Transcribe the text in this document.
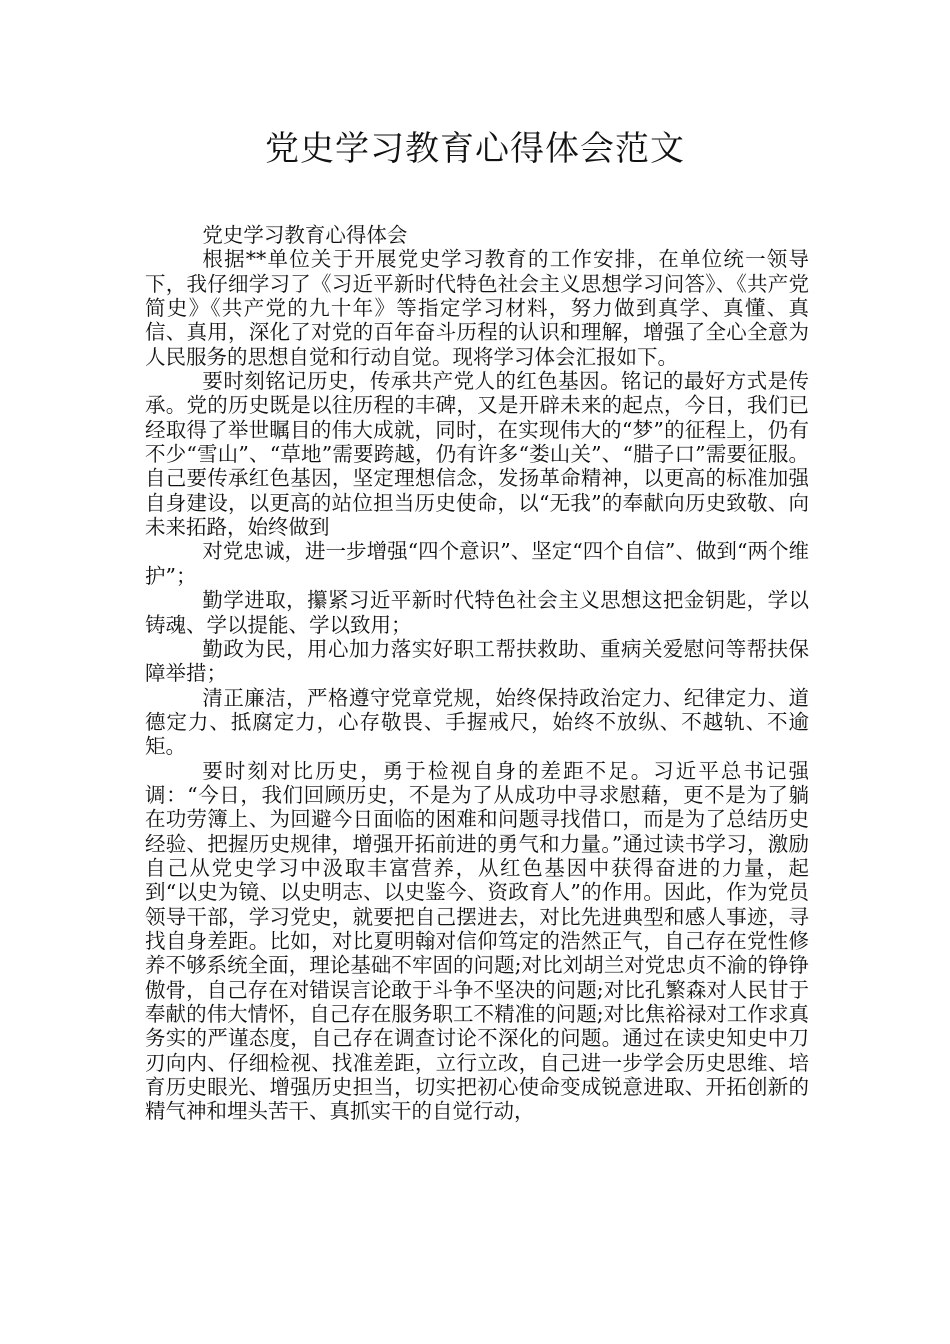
党史学习教育心得体会范文

党史学习教育心得体会

根据**单位关于开展党史学习教育的工作安排，在单位统一领导下，我仔细学习了《习近平新时代特色社会主义思想学习问答》、《共产党简史》《共产党的九十年》等指定学习材料，努力做到真学、真懂、真信、真用，深化了对党的百年奋斗历程的认识和理解，增强了全心全意为人民服务的思想自觉和行动自觉。现将学习体会汇报如下。

要时刻铭记历史，传承共产党人的红色基因。铭记的最好方式是传承。党的历史既是以往历程的丰碑，又是开辟未来的起点，今日，我们已经取得了举世瞩目的伟大成就，同时，在实现伟大的“梦”的征程上，仍有不少“雪山”、“草地”需要跨越，仍有许多“娄山关”、“腊子口”需要征服。自己要传承红色基因，坚定理想信念，发扬革命精神，以更高的标准加强自身建设，以更高的站位担当历史使命，以“无我”的奉献向历史致敬、向未来拓路，始终做到

对党忠诚，进一步增强“四个意识”、坚定“四个自信”、做到“两个维护”；

勤学进取，攥紧习近平新时代特色社会主义思想这把金钥匙，学以铸魂、学以提能、学以致用；

勤政为民，用心加力落实好职工帮扶救助、重病关爱慰问等帮扶保障举措；

清正廉洁，严格遵守党章党规，始终保持政治定力、纪律定力、道德定力、抵腐定力，心存敬畏、手握戒尺，始终不放纵、不越轨、不逾矩。

要时刻对比历史，勇于检视自身的差距不足。习近平总书记强调：“今日，我们回顾历史，不是为了从成功中寻求慰藉，更不是为了躺在功劳簿上、为回避今日面临的困难和问题寻找借口，而是为了总结历史经验、把握历史规律，增强开拓前进的勇气和力量。”通过读书学习，激励自己从党史学习中汲取丰富营养，从红色基因中获得奋进的力量，起到“以史为镜、以史明志、以史鉴今、资政育人”的作用。因此，作为党员领导干部，学习党史，就要把自己摆进去，对比先进典型和感人事迹，寻找自身差距。比如，对比夏明翰对信仰笃定的浩然正气，自己存在党性修养不够系统全面，理论基础不牢固的问题;对比刘胡兰对党忠贞不渝的铮铮傲骨，自己存在对错误言论敢于斗争不坚决的问题;对比孔繁森对人民甘于奉献的伟大情怀，自己存在服务职工不精准的问题;对比焦裕禄对工作求真务实的严谨态度，自己存在调查讨论不深化的问题。通过在读史知史中刀刃向内、仔细检视、找准差距，立行立改，自己进一步学会历史思维、培育历史眼光、增强历史担当，切实把初心使命变成锐意进取、开拓创新的精气神和埋头苦干、真抓实干的自觉行动，
